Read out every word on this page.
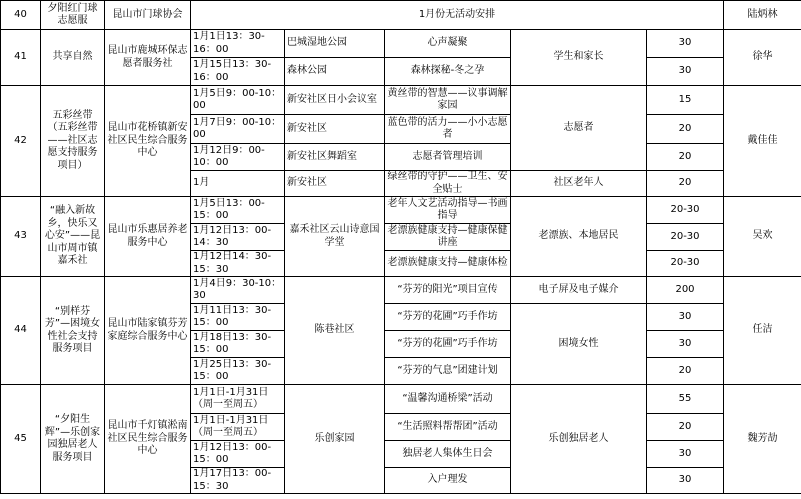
40	夕阳红门球志愿服	昆山市门球协会	1月份无活动安排					陆炳林	
41	共享自然	昆山市鹿城环保志愿者服务社	1月1日13：30-16：00	巴城湿地公园	心声凝聚	学生和家长	30	徐华	
			1月15日13：30-16：00	森林公园	森林探秘-冬之孕		30		
42	五彩丝带（五彩丝带——社区志愿支持服务项目）	昆山市花桥镇新安社区民生综合服务中心	1月5日9：00-10：00	新安社区日小会议室	黄丝带的智慧——议事调解家园	志愿者	15	戴佳佳	
			1月7日9：00-10：00	新安社区	蓝色带的活力——小小志愿者		20		
			1月12日9：00-10：00	新安社区舞蹈室	志愿者管理培训		20		
			1月	新安社区	绿丝带的守护——卫生、安全贴士	社区老年人	20		
43	“融入新故乡，快乐又心安”——昆山市周市镇嘉禾社	昆山市乐惠居养老服务中心	1月5日13：00-15：00	嘉禾社区云山诗意国学堂	老年人文艺活动指导—书画指导	老漂族、本地居民	20-30	吴欢	
			1月12日13：00-14：30		老漂族健康支持—健康保健讲座		20-30		
			1月12日14：30-15：30		老漂族健康支持—健康体检		20-30		
44	“别样芬芳”—困境女性社会支持服务项目	昆山市陆家镇芬芳家庭综合服务中心	1月4日9：30-10：30	陈巷社区	“芬芳的阳光”项目宣传	电子屏及电子媒介	200	任洁	
			1月11日13：30-15：00		“芬芳的花圃”巧手作坊	困境女性	30		
			1月18日13：30-15：00		“芬芳的花圃”巧手作坊		30		
			1月25日13：30-15：00		“芬芳的气息”团建计划		20		
45	“夕阳生辉”—乐创家园独居老人服务项目	昆山市千灯镇淞南社区民生综合服务中心	1月1日-1月31日（周一至周五）	乐创家园	“温馨沟通桥梁”活动	乐创独居老人	55	魏芳劼	
			1月1日-1月31日（周一至周五）		“生活照料帮帮团”活动		20		
			1月12日13：00-15：00		独居老人集体生日会		30		
			1月17日13：00-15：30		入户理发		30		
